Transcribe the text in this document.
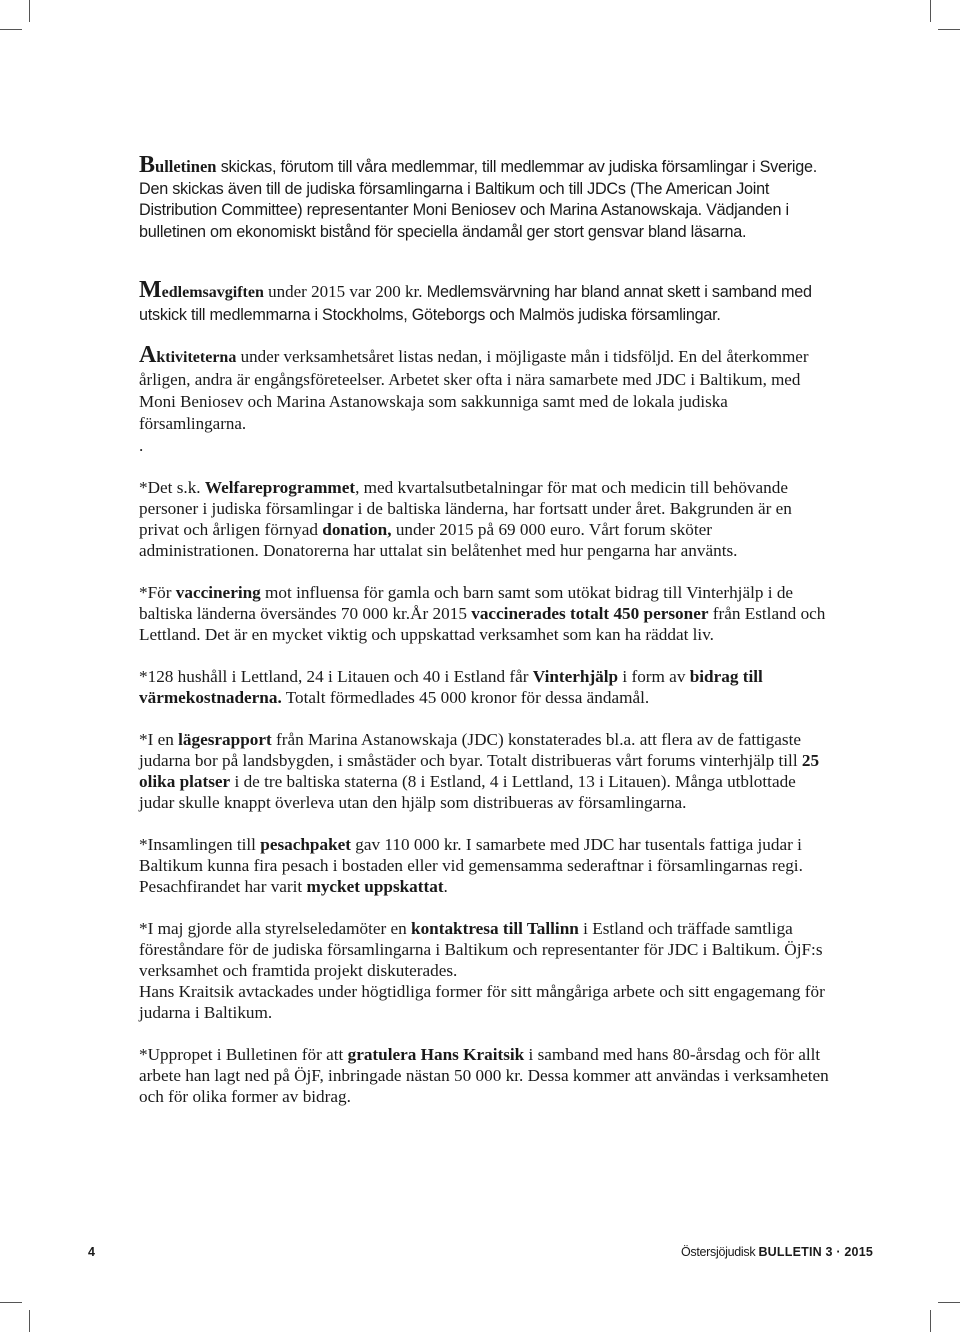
Bulletinen skickas, förutom till våra medlemmar, till medlemmar av judiska församlingar i Sverige. Den skickas även till de judiska församlingarna i Baltikum och till JDCs (The American Joint Distribution Committee) representanter Moni Beniosev och Marina Astanowskaja. Vädjanden i bulletinen om ekonomiskt bistånd för speciella ändamål ger stort gensvar bland läsarna.

Medlemsavgiften under 2015 var 200 kr. Medlemsvärvning har bland annat skett i samband med utskick till medlemmarna i Stockholms, Göteborgs och Malmös judiska församlingar.

Aktiviteterna under verksamhetsåret listas nedan, i möjligaste mån i tidsföljd. En del återkommer årligen, andra är engångsföreteelser. Arbetet sker ofta i nära samarbete med JDC i Baltikum, med Moni Beniosev och Marina Astanowskaja som sakkunniga samt med de lokala judiska församlingarna.

.

*Det s.k. Welfareprogrammet, med kvartalsutbetalningar för mat och medicin till behövande personer i judiska församlingar i de baltiska länderna, har fortsatt under året. Bakgrunden är en privat och årligen förnyad donation, under 2015 på 69 000 euro. Vårt forum sköter administrationen. Donatorerna har uttalat sin belåtenhet med hur pengarna har använts.

*För vaccinering mot influensa för gamla och barn samt som utökat bidrag till Vinterhjälp i de baltiska länderna översändes 70 000 kr.År 2015 vaccinerades totalt 450 personer från Estland och Lettland. Det är en mycket viktig och uppskattad verksamhet som kan ha räddat liv.

*128 hushåll i Lettland, 24 i Litauen och 40 i Estland får Vinterhjälp i form av bidrag till värmekostnaderna. Totalt förmedlades 45 000 kronor för dessa ändamål.

*I en lägesrapport från Marina Astanowskaja (JDC) konstaterades bl.a. att flera av de fattigaste judarna bor på landsbygden, i småstäder och byar. Totalt distribueras vårt forums vinterhjälp till 25 olika platser i de tre baltiska staterna (8 i Estland, 4 i Lettland, 13 i Litauen). Många utblottade judar skulle knappt överleva utan den hjälp som distribueras av församlingarna.

*Insamlingen till pesachpaket gav 110 000 kr. I samarbete med JDC har tusentals fattiga judar i Baltikum kunna fira pesach i bostaden eller vid gemensamma sederaftnar i församlingarnas regi. Pesachfirandet har varit mycket uppskattat.

*I maj gjorde alla styrelseledamöter en kontaktresa till Tallinn i Estland och träffade samtliga föreståndare för de judiska församlingarna i Baltikum och representanter för JDC i Baltikum. ÖjF:s verksamhet och framtida projekt diskuterades.

Hans Kraitsik avtackades under högtidliga former för sitt mångåriga arbete och sitt engagemang för judarna i Baltikum.

*Uppropet i Bulletinen för att gratulera Hans Kraitsik i samband med hans 80-årsdag och för allt arbete han lagt ned på ÖjF, inbringade nästan 50 000 kr. Dessa kommer att användas i verksamheten och för olika former av bidrag.

4	Östersjöjudisk BULLETIN 3 · 2015
